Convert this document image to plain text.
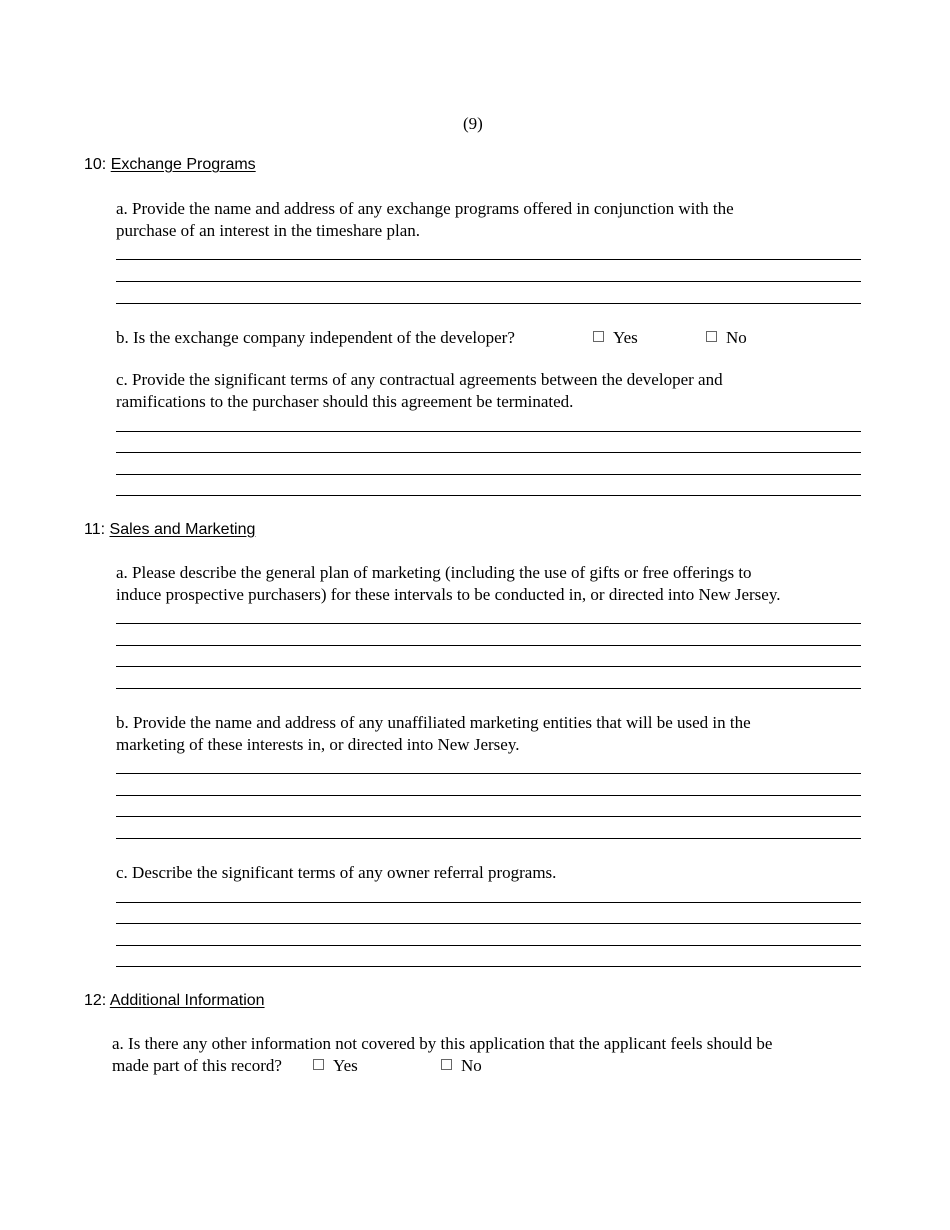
(9)
10: Exchange Programs
a. Provide the name and address of any exchange programs offered in conjunction with the
purchase of an interest in the timeshare plan.
b. Is the exchange company independent of the developer?	Yes	No
c. Provide the significant terms of any contractual agreements between the developer and
ramifications to the purchaser should this agreement be terminated.
11: Sales and Marketing
a. Please describe the general plan of marketing (including the use of gifts or free offerings to
induce prospective purchasers) for these intervals to be conducted in, or directed into New Jersey.
b. Provide the name and address of any unaffiliated marketing entities that will be used in the
marketing of these interests in, or directed into New Jersey.
c. Describe the significant terms of any owner referral programs.
12: Additional Information
a. Is there any other information not covered by this application that the applicant feels should be
made part of this record?	Yes	No
